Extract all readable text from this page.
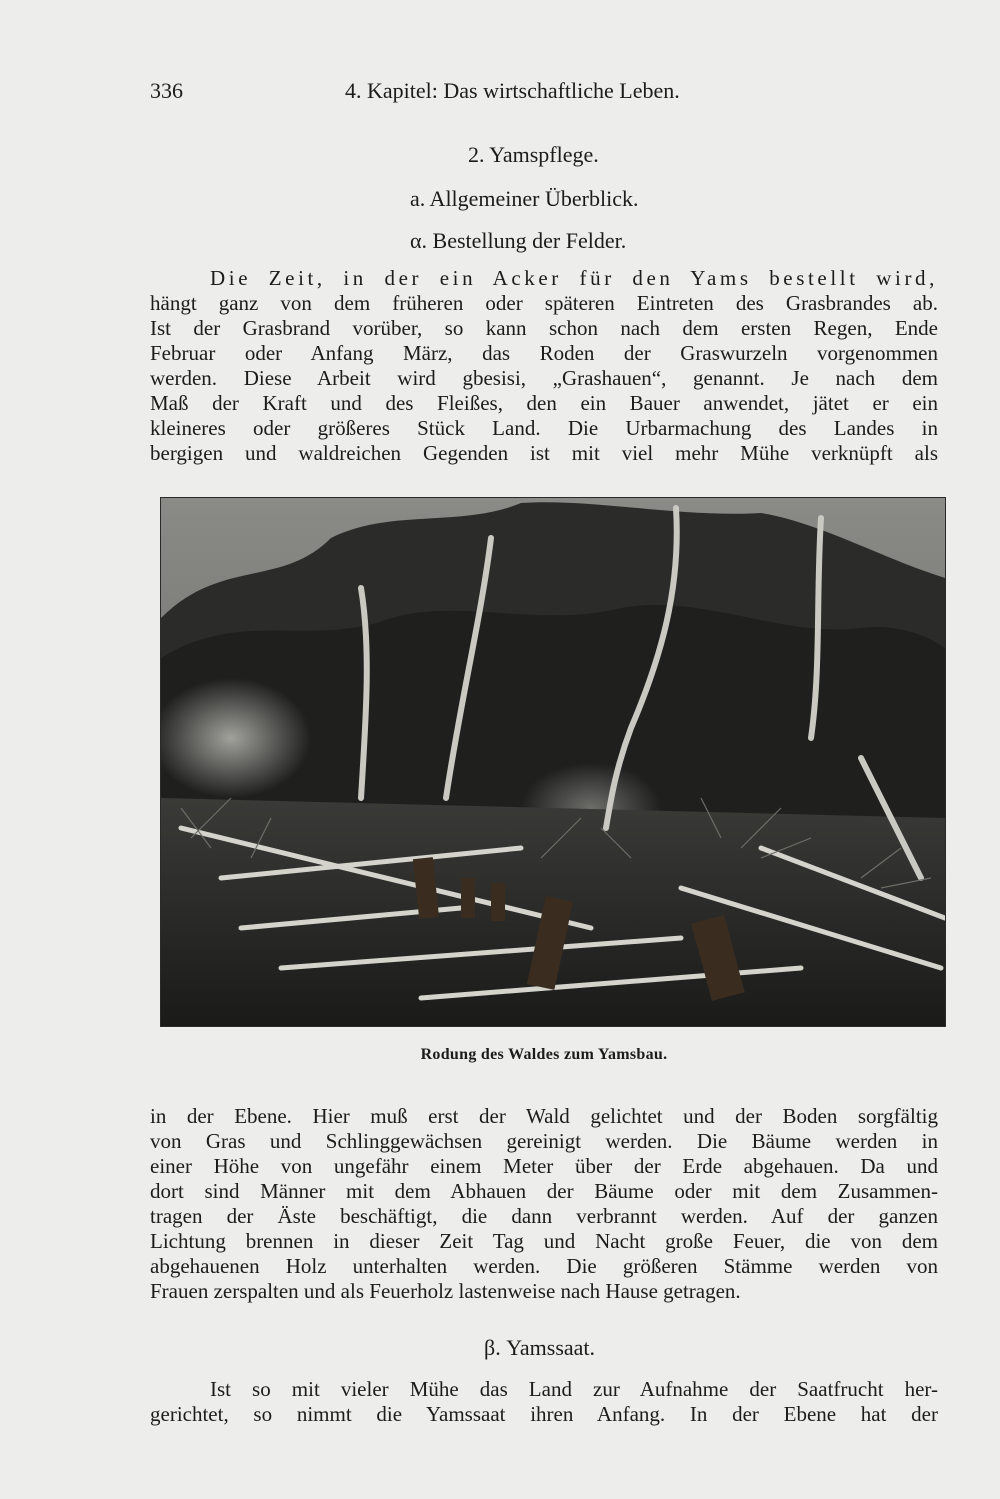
336	4. Kapitel: Das wirtschaftliche Leben.
2. Yamspflege.
a. Allgemeiner Überblick.
α. Bestellung der Felder.
Die Zeit, in der ein Acker für den Yams bestellt wird,
hängt ganz von dem früheren oder späteren Eintreten des Grasbrandes ab.
Ist der Grasbrand vorüber, so kann schon nach dem ersten Regen, Ende
Februar oder Anfang März, das Roden der Graswurzeln vorgenommen
werden. Diese Arbeit wird gbesisi, „Grashauen“, genannt. Je nach dem
Maß der Kraft und des Fleißes, den ein Bauer anwendet, jätet er ein
kleineres oder größeres Stück Land. Die Urbarmachung des Landes in
bergigen und waldreichen Gegenden ist mit viel mehr Mühe verknüpft als
Rodung des Waldes zum Yamsbau.
in der Ebene. Hier muß erst der Wald gelichtet und der Boden sorgfältig
von Gras und Schlinggewächsen gereinigt werden. Die Bäume werden in
einer Höhe von ungefähr einem Meter über der Erde abgehauen. Da und
dort sind Männer mit dem Abhauen der Bäume oder mit dem Zusammen-
tragen der Äste beschäftigt, die dann verbrannt werden. Auf der ganzen
Lichtung brennen in dieser Zeit Tag und Nacht große Feuer, die von dem
abgehauenen Holz unterhalten werden. Die größeren Stämme werden von
Frauen zerspalten und als Feuerholz lastenweise nach Hause getragen.
β. Yamssaat.
Ist so mit vieler Mühe das Land zur Aufnahme der Saatfrucht her-
gerichtet, so nimmt die Yamssaat ihren Anfang. In der Ebene hat der
